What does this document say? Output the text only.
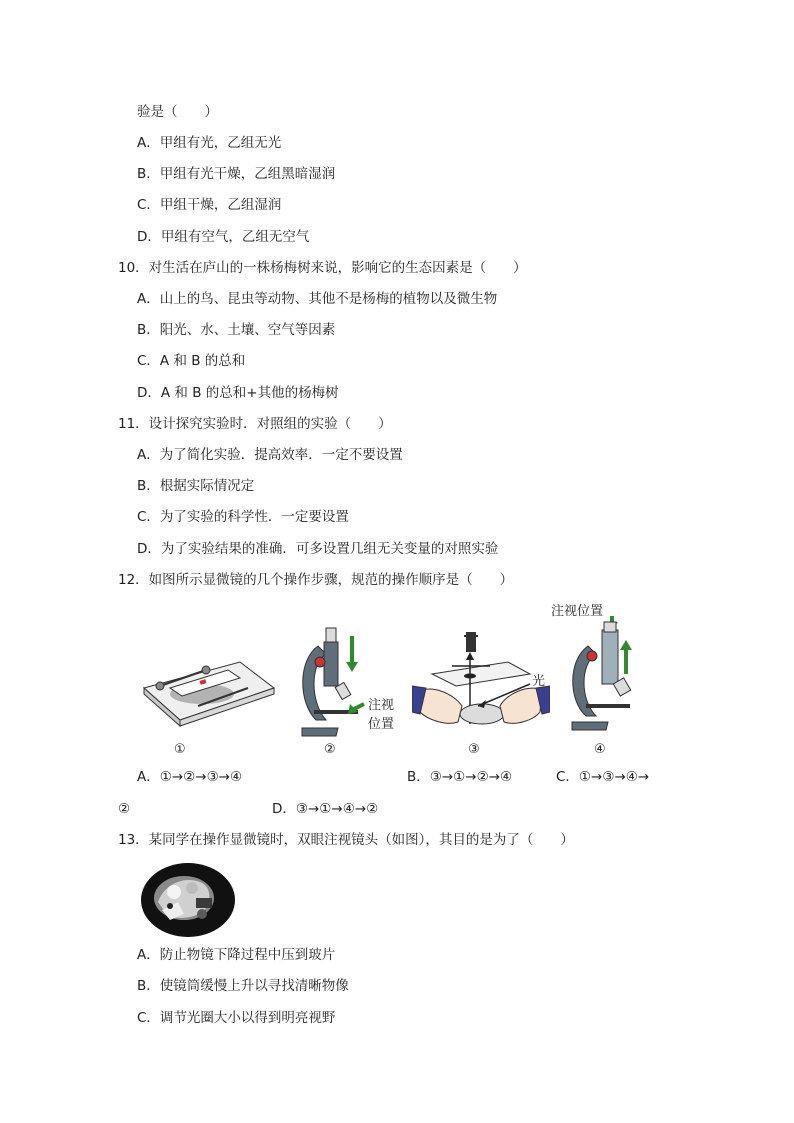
验是（　　）
A．甲组有光，乙组无光
B．甲组有光干燥，乙组黑暗湿润
C．甲组干燥，乙组湿润
D．甲组有空气，乙组无空气
10．对生活在庐山的一株杨梅树来说，影响它的生态因素是（　　）
A．山上的鸟、昆虫等动物、其他不是杨梅的植物以及微生物
B．阳光、水、土壤、空气等因素
C．A 和 B 的总和
D．A 和 B 的总和+其他的杨梅树
11．设计探究实验时．对照组的实验（　　）
A．为了简化实验．提高效率．一定不要设置
B．根据实际情况定
C．为了实验的科学性．一定要设置
D．为了实验结果的准确．可多设置几组无关变量的对照实验
12．如图所示显微镜的几个操作步骤，规范的操作顺序是（　　）
注视
位置
光
注视位置
①	②	③	④
A．①→②→③→④	B．③→①→②→④	C．①→③→④→
②	D．③→①→④→②
13．某同学在操作显微镜时，双眼注视镜头（如图），其目的是为了（　　）
A．防止物镜下降过程中压到玻片
B．使镜筒缓慢上升以寻找清晰物像
C．调节光圈大小以得到明亮视野
